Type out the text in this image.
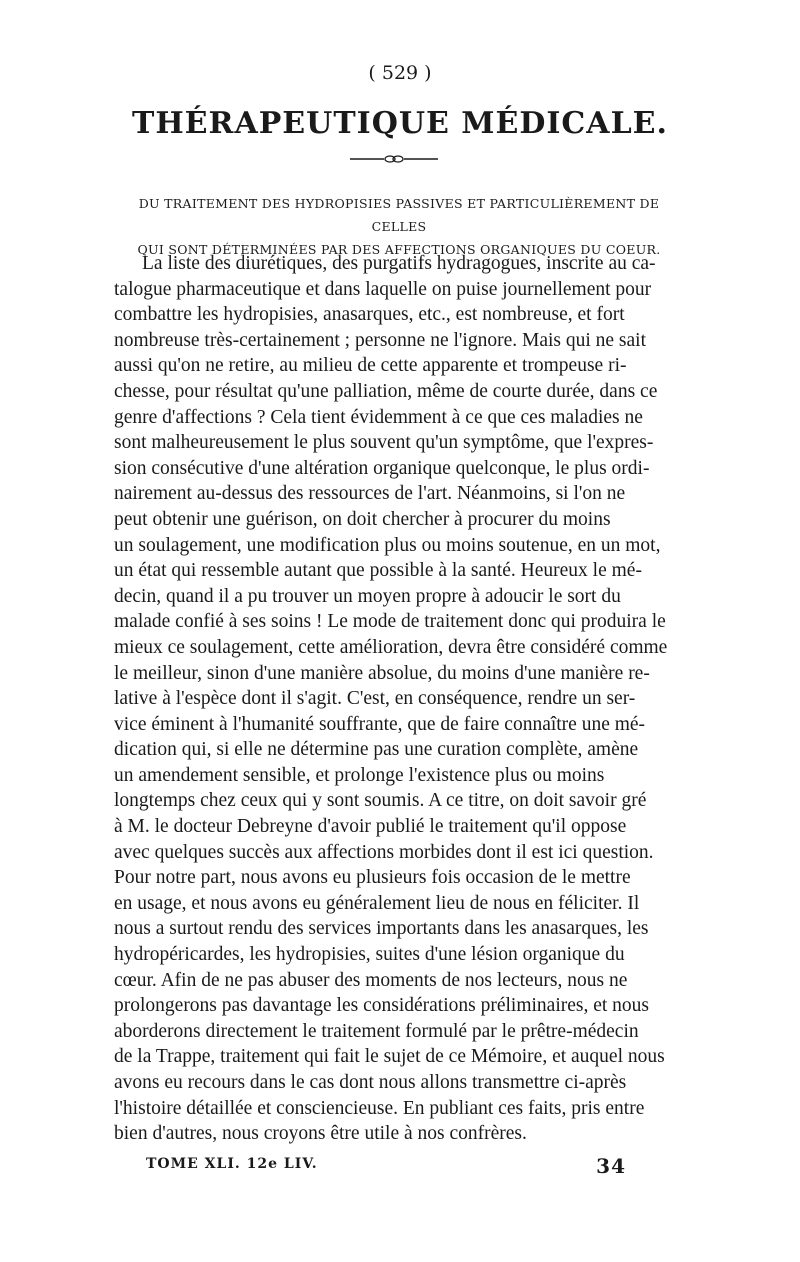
( 529 )
THÉRAPEUTIQUE MÉDICALE.
DU TRAITEMENT DES HYDROPISIES PASSIVES ET PARTICULIÈREMENT DE CELLES
QUI SONT DÉTERMINÉES PAR DES AFFECTIONS ORGANIQUES DU COEUR.
La liste des diurétiques, des purgatifs hydragogues, inscrite au ca-
talogue pharmaceutique et dans laquelle on puise journellement pour
combattre les hydropisies, anasarques, etc., est nombreuse, et fort
nombreuse très-certainement ; personne ne l'ignore. Mais qui ne sait
aussi qu'on ne retire, au milieu de cette apparente et trompeuse ri-
chesse, pour résultat qu'une palliation, même de courte durée, dans ce
genre d'affections ? Cela tient évidemment à ce que ces maladies ne
sont malheureusement le plus souvent qu'un symptôme, que l'expres-
sion consécutive d'une altération organique quelconque, le plus ordi-
nairement au-dessus des ressources de l'art. Néanmoins, si l'on ne
peut obtenir une guérison, on doit chercher à procurer du moins
un soulagement, une modification plus ou moins soutenue, en un mot,
un état qui ressemble autant que possible à la santé. Heureux le mé-
decin, quand il a pu trouver un moyen propre à adoucir le sort du
malade confié à ses soins ! Le mode de traitement donc qui produira le
mieux ce soulagement, cette amélioration, devra être considéré comme
le meilleur, sinon d'une manière absolue, du moins d'une manière re-
lative à l'espèce dont il s'agit. C'est, en conséquence, rendre un ser-
vice éminent à l'humanité souffrante, que de faire connaître une mé-
dication qui, si elle ne détermine pas une curation complète, amène
un amendement sensible, et prolonge l'existence plus ou moins
longtemps chez ceux qui y sont soumis. A ce titre, on doit savoir gré
à M. le docteur Debreyne d'avoir publié le traitement qu'il oppose
avec quelques succès aux affections morbides dont il est ici question.
Pour notre part, nous avons eu plusieurs fois occasion de le mettre
en usage, et nous avons eu généralement lieu de nous en féliciter. Il
nous a surtout rendu des services importants dans les anasarques, les
hydropéricardes, les hydropisies, suites d'une lésion organique du
cœur. Afin de ne pas abuser des moments de nos lecteurs, nous ne
prolongerons pas davantage les considérations préliminaires, et nous
aborderons directement le traitement formulé par le prêtre-médecin
de la Trappe, traitement qui fait le sujet de ce Mémoire, et auquel nous
avons eu recours dans le cas dont nous allons transmettre ci-après
l'histoire détaillée et consciencieuse. En publiant ces faits, pris entre
bien d'autres, nous croyons être utile à nos confrères.
TOME XLI. 12e LIV.	34
